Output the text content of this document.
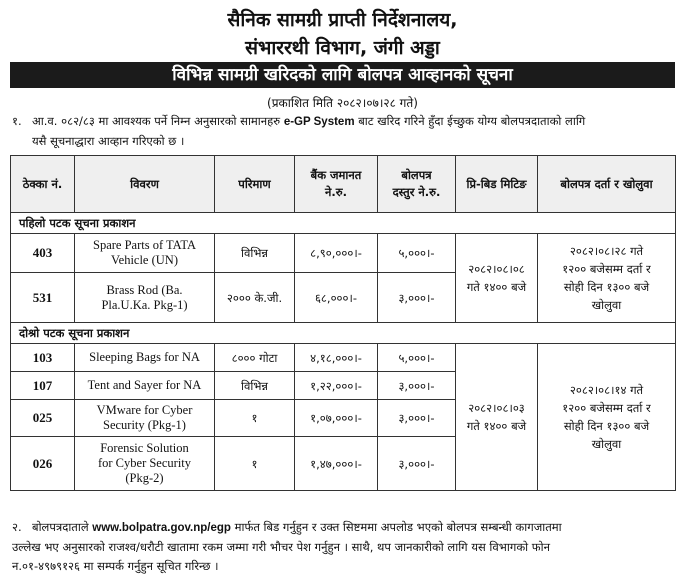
सैनिक सामग्री प्राप्ती निर्देशनालय,
संभाररथी विभाग, जंगी अड्डा
विभिन्न सामग्री खरिदको लागि बोलपत्र आव्हानको सूचना
(प्रकाशित मिति २०८२।०७।२८ गते)
१. आ.व. ०८२/८३ मा आवश्यक पर्ने निम्न अनुसारको सामानहरु e-GP System बाट खरिद गरिने हुँदा ईच्छुक योग्य बोलपत्रदाताको लागि
यसै सूचनाद्धारा आव्हान गरिएको छ ।
ठेक्का नं.	विवरण	परिमाण	बैंक जमानत
ने.रु.	बोलपत्र
दस्तुर ने.रु.	प्रि-बिड मिटिङ	बोलपत्र दर्ता र खोलुवा
पहिलो पटक सूचना प्रकाशन						
403	Spare Parts of TATA
Vehicle (UN)	विभिन्न	८,९०,०००।-	५,०००।-	२०८२।०८।०८
गते १४०० बजे	२०८२।०८।२८ गते
१२०० बजेसम्म दर्ता र
सोही दिन १३०० बजे
खोलुवा
531	Brass Rod (Ba.
Pla.U.Ka. Pkg-1)	२००० के.जी.	६८,०००।-	३,०००।-		
दोश्रो पटक सूचना प्रकाशन						
103	Sleeping Bags for NA	८००० गोटा	४,१८,०००।-	५,०००।-	२०८२।०८।०३
गते १४०० बजे	२०८२।०८।१४ गते
१२०० बजेसम्म दर्ता र
सोही दिन १३०० बजे
खोलुवा
107	Tent and Sayer for NA	विभिन्न	१,२२,०००।-	३,०००।-		
025	VMware for Cyber
Security (Pkg-1)	१	१,०७,०००।-	३,०००।-		
026	Forensic Solution
for Cyber Security
(Pkg-2)	१	१,४७,०००।-	३,०००।-		
२. बोलपत्रदाताले www.bolpatra.gov.np/egp मार्फत बिड गर्नुहुन र उक्त सिष्टममा अपलोड भएको बोलपत्र सम्बन्धी कागजातमा
उल्लेख भए अनुसारको राजश्व/धरौटी खातामा रकम जम्मा गरी भौचर पेश गर्नुहुन । साथै, थप जानकारीको लागि यस विभागको फोन
न.०१-४९७९१२६ मा सम्पर्क गर्नुहुन सूचित गरिन्छ ।
